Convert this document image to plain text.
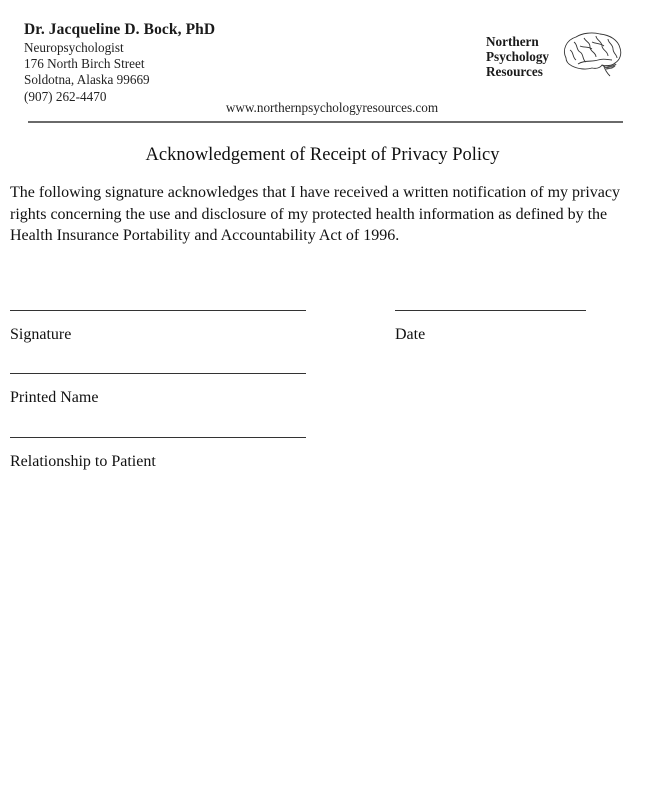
Dr. Jacqueline D. Bock, PhD
Neuropsychologist
176 North Birch Street
Soldotna, Alaska 99669
(907) 262-4470
Northern
Psychology
Resources
www.northernpsychologyresources.com
Acknowledgement of Receipt of Privacy Policy
The following signature acknowledges that I have received a written notification of my privacy rights concerning the use and disclosure of my protected health information as defined by the Health Insurance Portability and Accountability Act of 1996.
Signature	Date
Printed Name
Relationship to Patient
